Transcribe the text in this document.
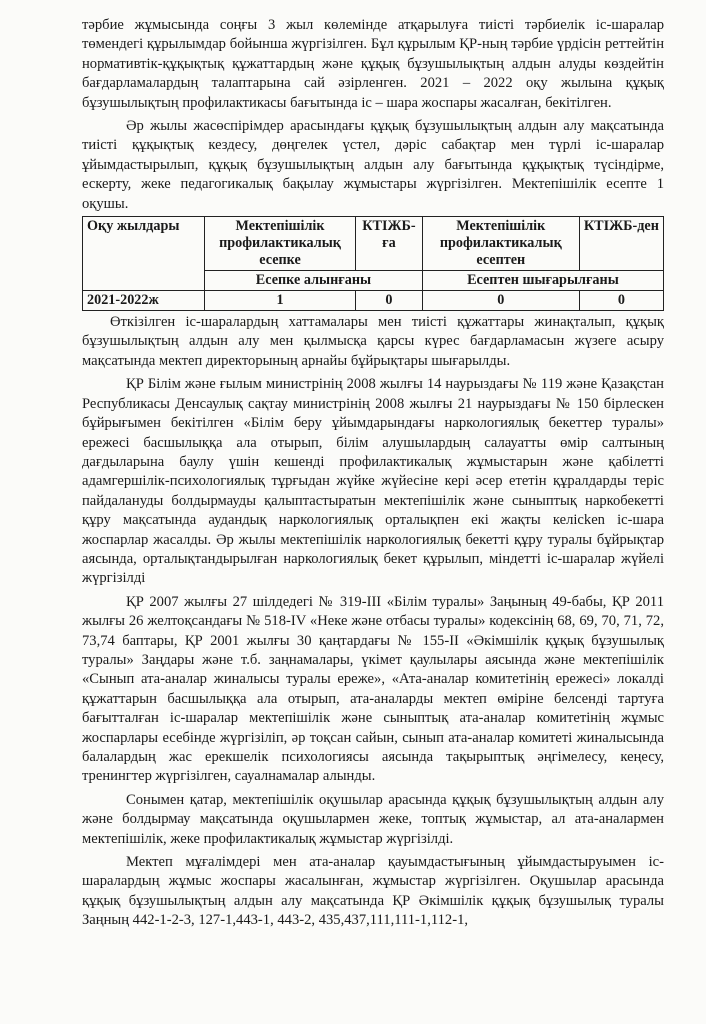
тәрбие жұмысында соңғы 3 жыл көлемінде атқарылуға тиісті тәрбиелік іс-шаралар төмендегі құрылымдар бойынша жүргізілген. Бұл құрылым ҚР-ның тәрбие үрдісін реттейтін нормативтік-құқықтық құжаттардың және құқық бұзушылықтың алдын алуды көздейтін бағдарламалардың талаптарына сай әзірленген. 2021 – 2022 оқу жылына құқық бұзушылықтың профилактикасы бағытында іс – шара жоспары жасалған, бекітілген.

Әр жылы жасөспірімдер арасындағы құқық бұзушылықтың алдын алу мақсатында тиісті құқықтық кездесу, дөңгелек үстел, дәріс сабақтар мен түрлі іс-шаралар ұйымдастырылып, құқық бұзушылықтың алдын алу бағытында құқықтық түсіндірме, ескерту, жеке педагогикалық бақылау жұмыстары жүргізілген. Мектепішілік есепте 1 оқушы.

Оқу жылдары	Мектепішілік профилактикалық есепке	КТІЖБ-ға	Мектепішілік профилактикалық есептен	КТІЖБ-ден
	Есепке алынғаны		Есептен шығарылғаны	
2021-2022ж	1	0	0	0

Өткізілген іс-шаралардың хаттамалары мен тиісті құжаттары жинақталып, құқық бұзушылықтың алдын алу мен қылмысқа қарсы күрес бағдарламасын жүзеге асыру мақсатында мектеп директорының арнайы бұйрықтары шығарылды.

ҚР Білім және ғылым министрінің 2008 жылғы 14 наурыздағы № 119 және Қазақстан Республикасы Денсаулық сақтау министрінің 2008 жылғы 21 наурыздағы № 150 бірлескен бұйрығымен бекітілген «Білім беру ұйымдарындағы наркологиялық бекеттер туралы» ережесі басшылыққа ала отырып, білім алушылардың салауатты өмір салтының дағдыларына баулу үшін кешенді профилактикалық жұмыстарын және қабілетті адамгершілік-психологиялық тұрғыдан жүйке жүйесіне кері әсер ететін құралдарды теріс пайдалануды болдырмауды қалыптастыратын мектепішілік және сыныптық наркобекетті құру мақсатында аудандық наркологиялық орталықпен екі жақты келісken іс-шара жоспарлар жасалды. Әр жылы мектепішілік наркологиялық бекетті құру туралы бұйрықтар аясында, орталықтандырылған наркологиялық бекет құрылып, міндетті іс-шаралар жүйелі жүргізілді

ҚР 2007 жылғы 27 шілдедегі № 319-ІІІ «Білім туралы» Заңының 49-бабы, ҚР 2011 жылғы 26 желтоқсандағы № 518-IV «Неке және отбасы туралы» кодексінің 68, 69, 70, 71, 72, 73,74 баптары, ҚР 2001 жылғы 30 қаңтардағы № 155-ІІ «Әкімшілік құқық бұзушылық туралы» Заңдары және т.б. заңнамалары, үкімет қаулылары аясында және мектепішілік «Сынып ата-аналар жиналысы туралы ереже», «Ата-аналар комитетінің ережесі» локалді құжаттарын басшылыққа ала отырып, ата-аналарды мектеп өміріне белсенді тартуға бағытталған іс-шаралар мектепішілік және сыныптық ата-аналар комитетінің жұмыс жоспарлары есебінде жүргізіліп, әр тоқсан сайын, сынып ата-аналар комитеті жиналысында балалардың жас ерекшелік психологиясы аясында тақырыптық әңгімелесу, кеңесу, тренингтер жүргізілген, сауалнамалар алынды.

Сонымен қатар, мектепішілік оқушылар арасында құқық бұзушылықтың алдын алу және болдырмау мақсатында оқушылармен жеке, топтық жұмыстар, ал ата-аналармен мектепішілік, жеке профилактикалық жұмыстар жүргізілді.

Мектеп мұғалімдері мен ата-аналар қауымдастығының ұйымдастыруымен іс-шаралардың жұмыс жоспары жасалынған, жұмыстар жүргізілген. Оқушылар арасында құқық бұзушылықтың алдын алу мақсатында ҚР Әкімшілік құқық бұзушылық туралы Заңның 442-1-2-3, 127-1,443-1, 443-2, 435,437,111,111-1,112-1,
